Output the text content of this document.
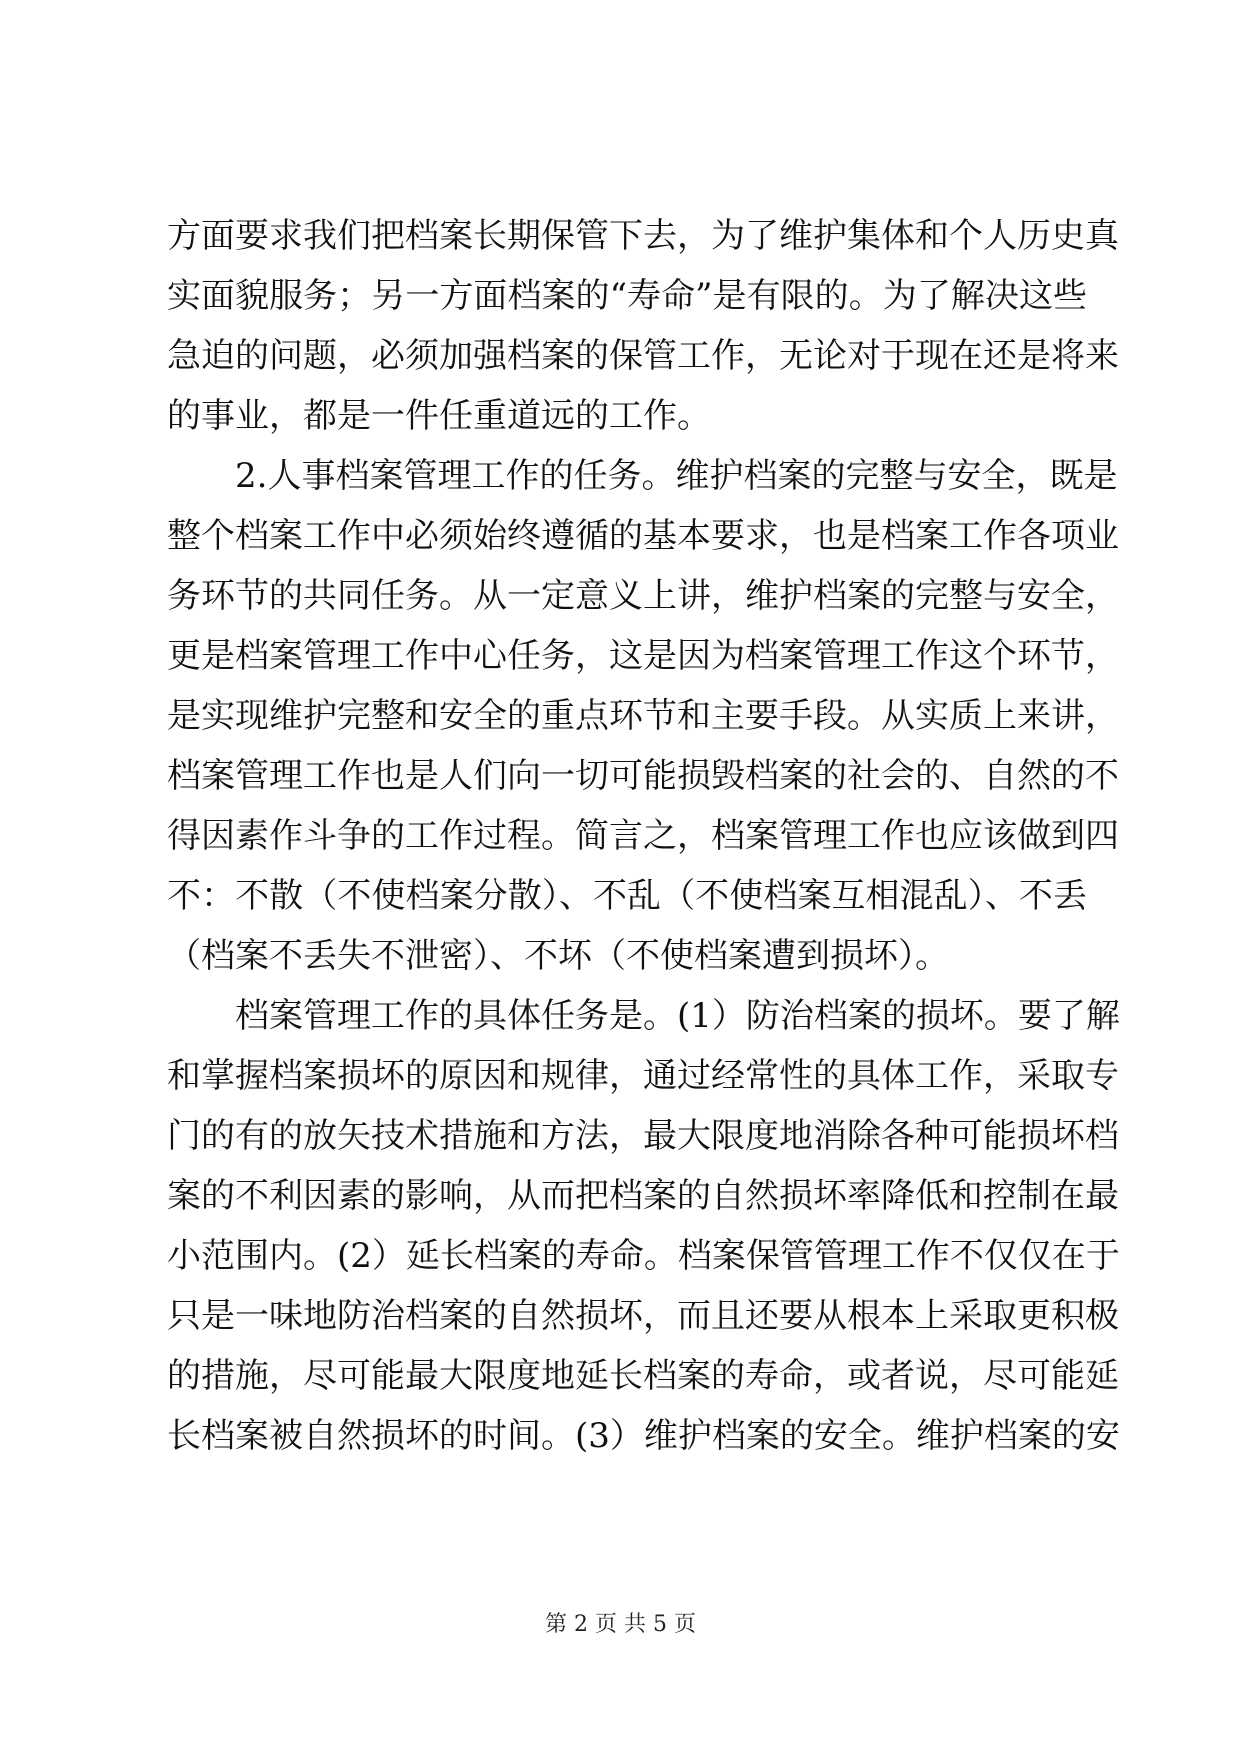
方面要求我们把档案长期保管下去，为了维护集体和个人历史真
实面貌服务；另一方面档案的“寿命”是有限的。为了解决这些
急迫的问题，必须加强档案的保管工作，无论对于现在还是将来
的事业，都是一件任重道远的工作。
2.人事档案管理工作的任务。维护档案的完整与安全，既是
整个档案工作中必须始终遵循的基本要求，也是档案工作各项业
务环节的共同任务。从一定意义上讲，维护档案的完整与安全，
更是档案管理工作中心任务，这是因为档案管理工作这个环节，
是实现维护完整和安全的重点环节和主要手段。从实质上来讲，
档案管理工作也是人们向一切可能损毁档案的社会的、自然的不
得因素作斗争的工作过程。简言之，档案管理工作也应该做到四
不：不散（不使档案分散）、不乱（不使档案互相混乱）、不丢
（档案不丢失不泄密）、不坏（不使档案遭到损坏）。
档案管理工作的具体任务是。(1）防治档案的损坏。要了解
和掌握档案损坏的原因和规律，通过经常性的具体工作，采取专
门的有的放矢技术措施和方法，最大限度地消除各种可能损坏档
案的不利因素的影响，从而把档案的自然损坏率降低和控制在最
小范围内。(2）延长档案的寿命。档案保管管理工作不仅仅在于
只是一味地防治档案的自然损坏，而且还要从根本上采取更积极
的措施，尽可能最大限度地延长档案的寿命，或者说，尽可能延
长档案被自然损坏的时间。(3）维护档案的安全。维护档案的安
第 2 页 共 5 页
